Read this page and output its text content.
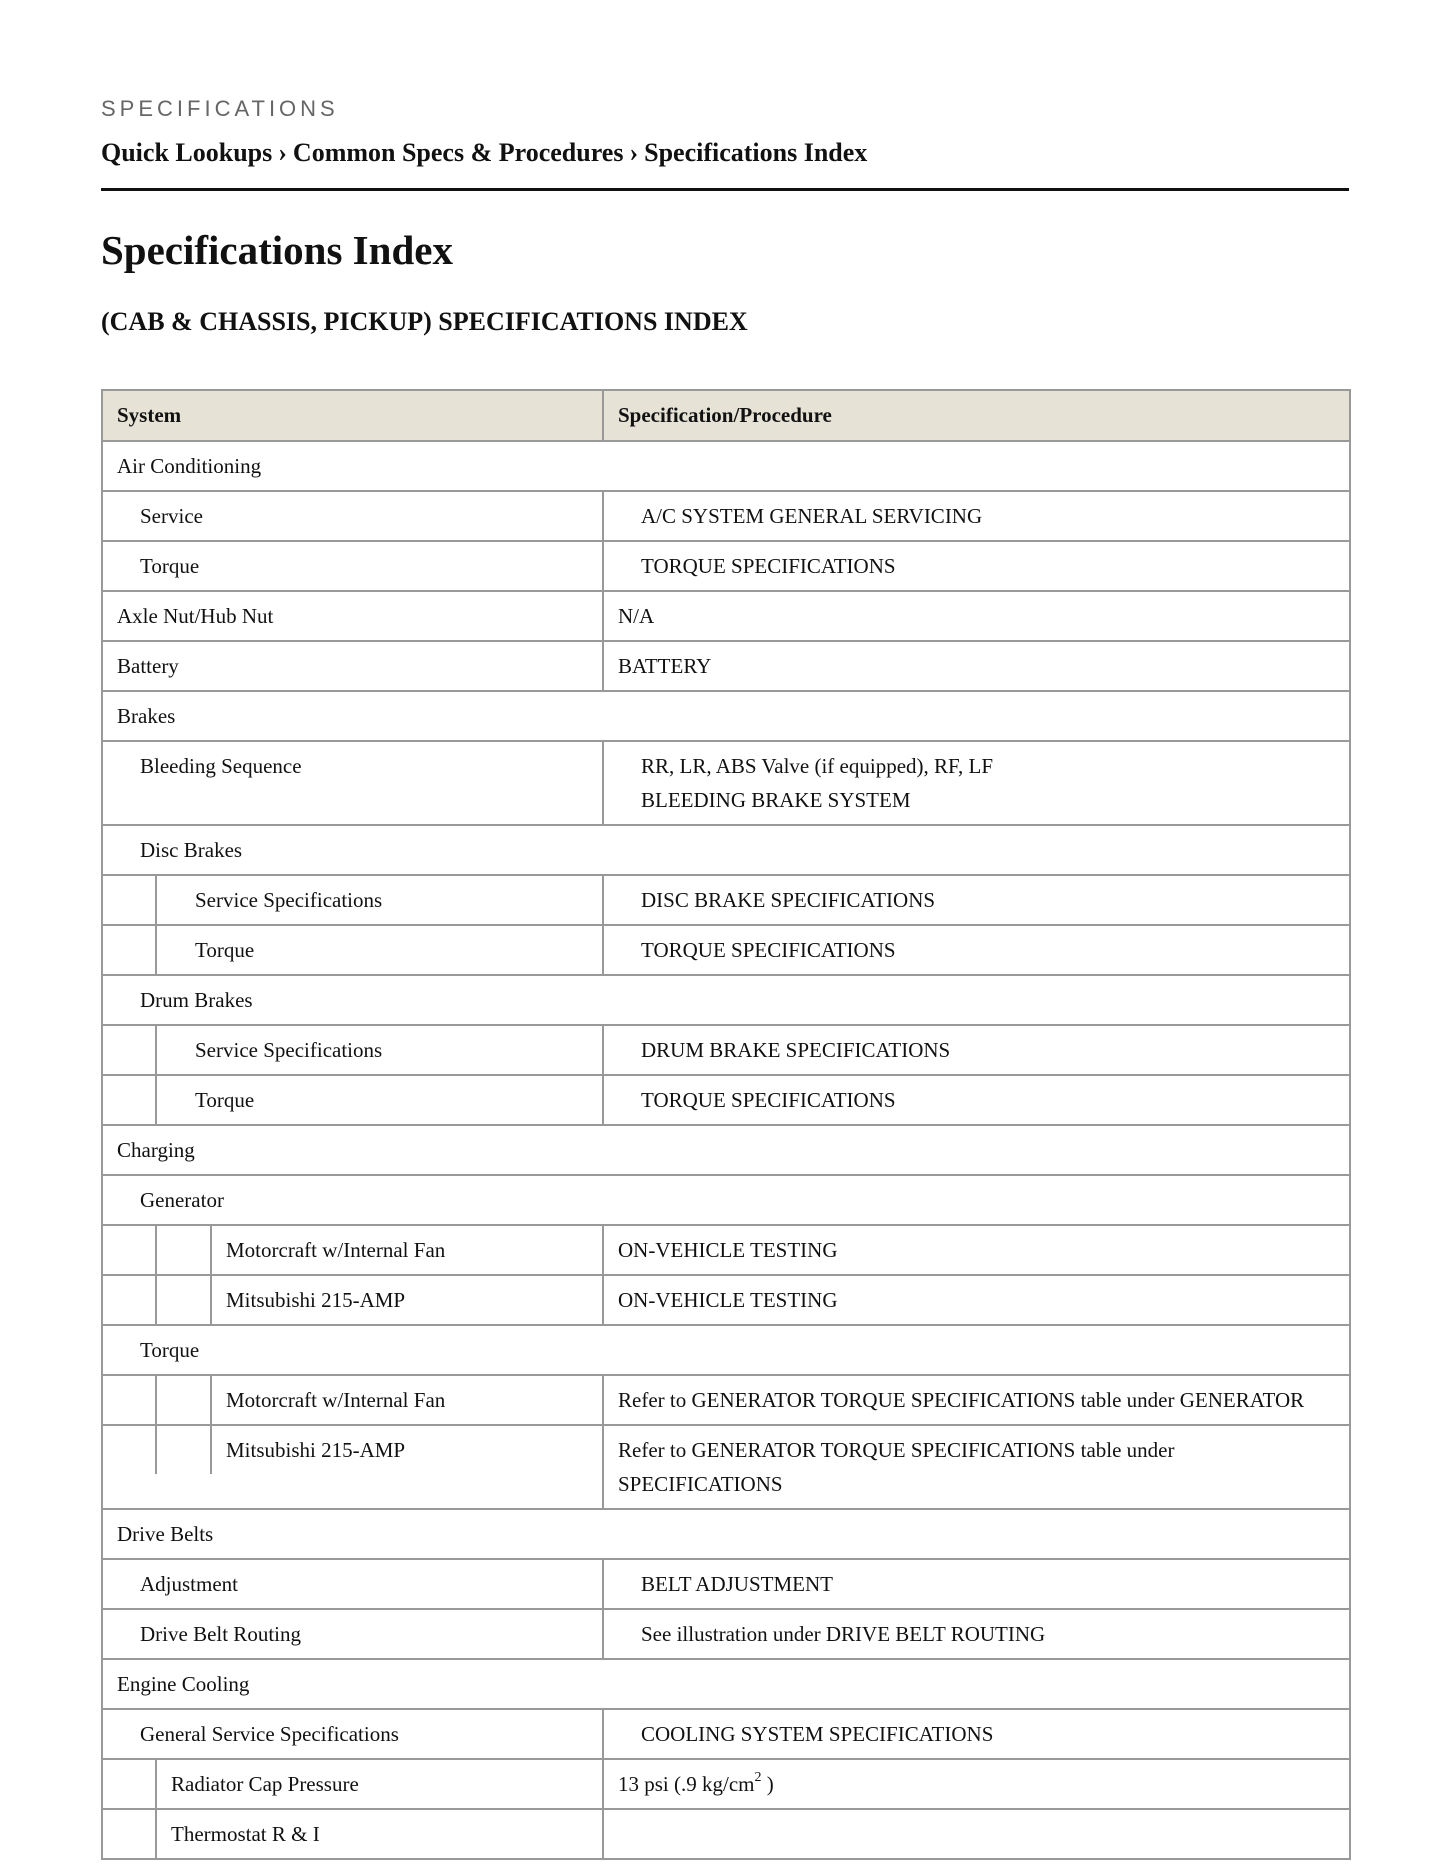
SPECIFICATIONS
Quick Lookups › Common Specs & Procedures › Specifications Index
Specifications Index
(CAB & CHASSIS, PICKUP) SPECIFICATIONS INDEX
System	Specification/Procedure
Air Conditioning	
Service	A/C SYSTEM GENERAL SERVICING

Torque	TORQUE SPECIFICATIONS

Axle Nut/Hub Nut	N/A

Battery	BATTERY

Brakes	
Bleeding Sequence	RR, LR, ABS Valve (if equipped), RF, LF
BLEEDING BRAKE SYSTEM

Disc Brakes	

Service Specifications	DISC BRAKE SPECIFICATIONS

Torque	TORQUE SPECIFICATIONS

Drum Brakes	

Service Specifications	DRUM BRAKE SPECIFICATIONS

Torque	TORQUE SPECIFICATIONS

Charging	
Generator	

Motorcraft w/Internal Fan	ON-VEHICLE TESTING

Mitsubishi 215-AMP	ON-VEHICLE TESTING

Torque	

Motorcraft w/Internal Fan	Refer to GENERATOR TORQUE SPECIFICATIONS table under GENERATOR

Mitsubishi 215-AMP	Refer to GENERATOR TORQUE SPECIFICATIONS table under
SPECIFICATIONS

Drive Belts	
Adjustment	BELT ADJUSTMENT

Drive Belt Routing	See illustration under DRIVE BELT ROUTING

Engine Cooling	
General Service Specifications	COOLING SYSTEM SPECIFICATIONS

Radiator Cap Pressure	13 psi (.9 $kg/cm^2$ )

Thermostat R & I	
